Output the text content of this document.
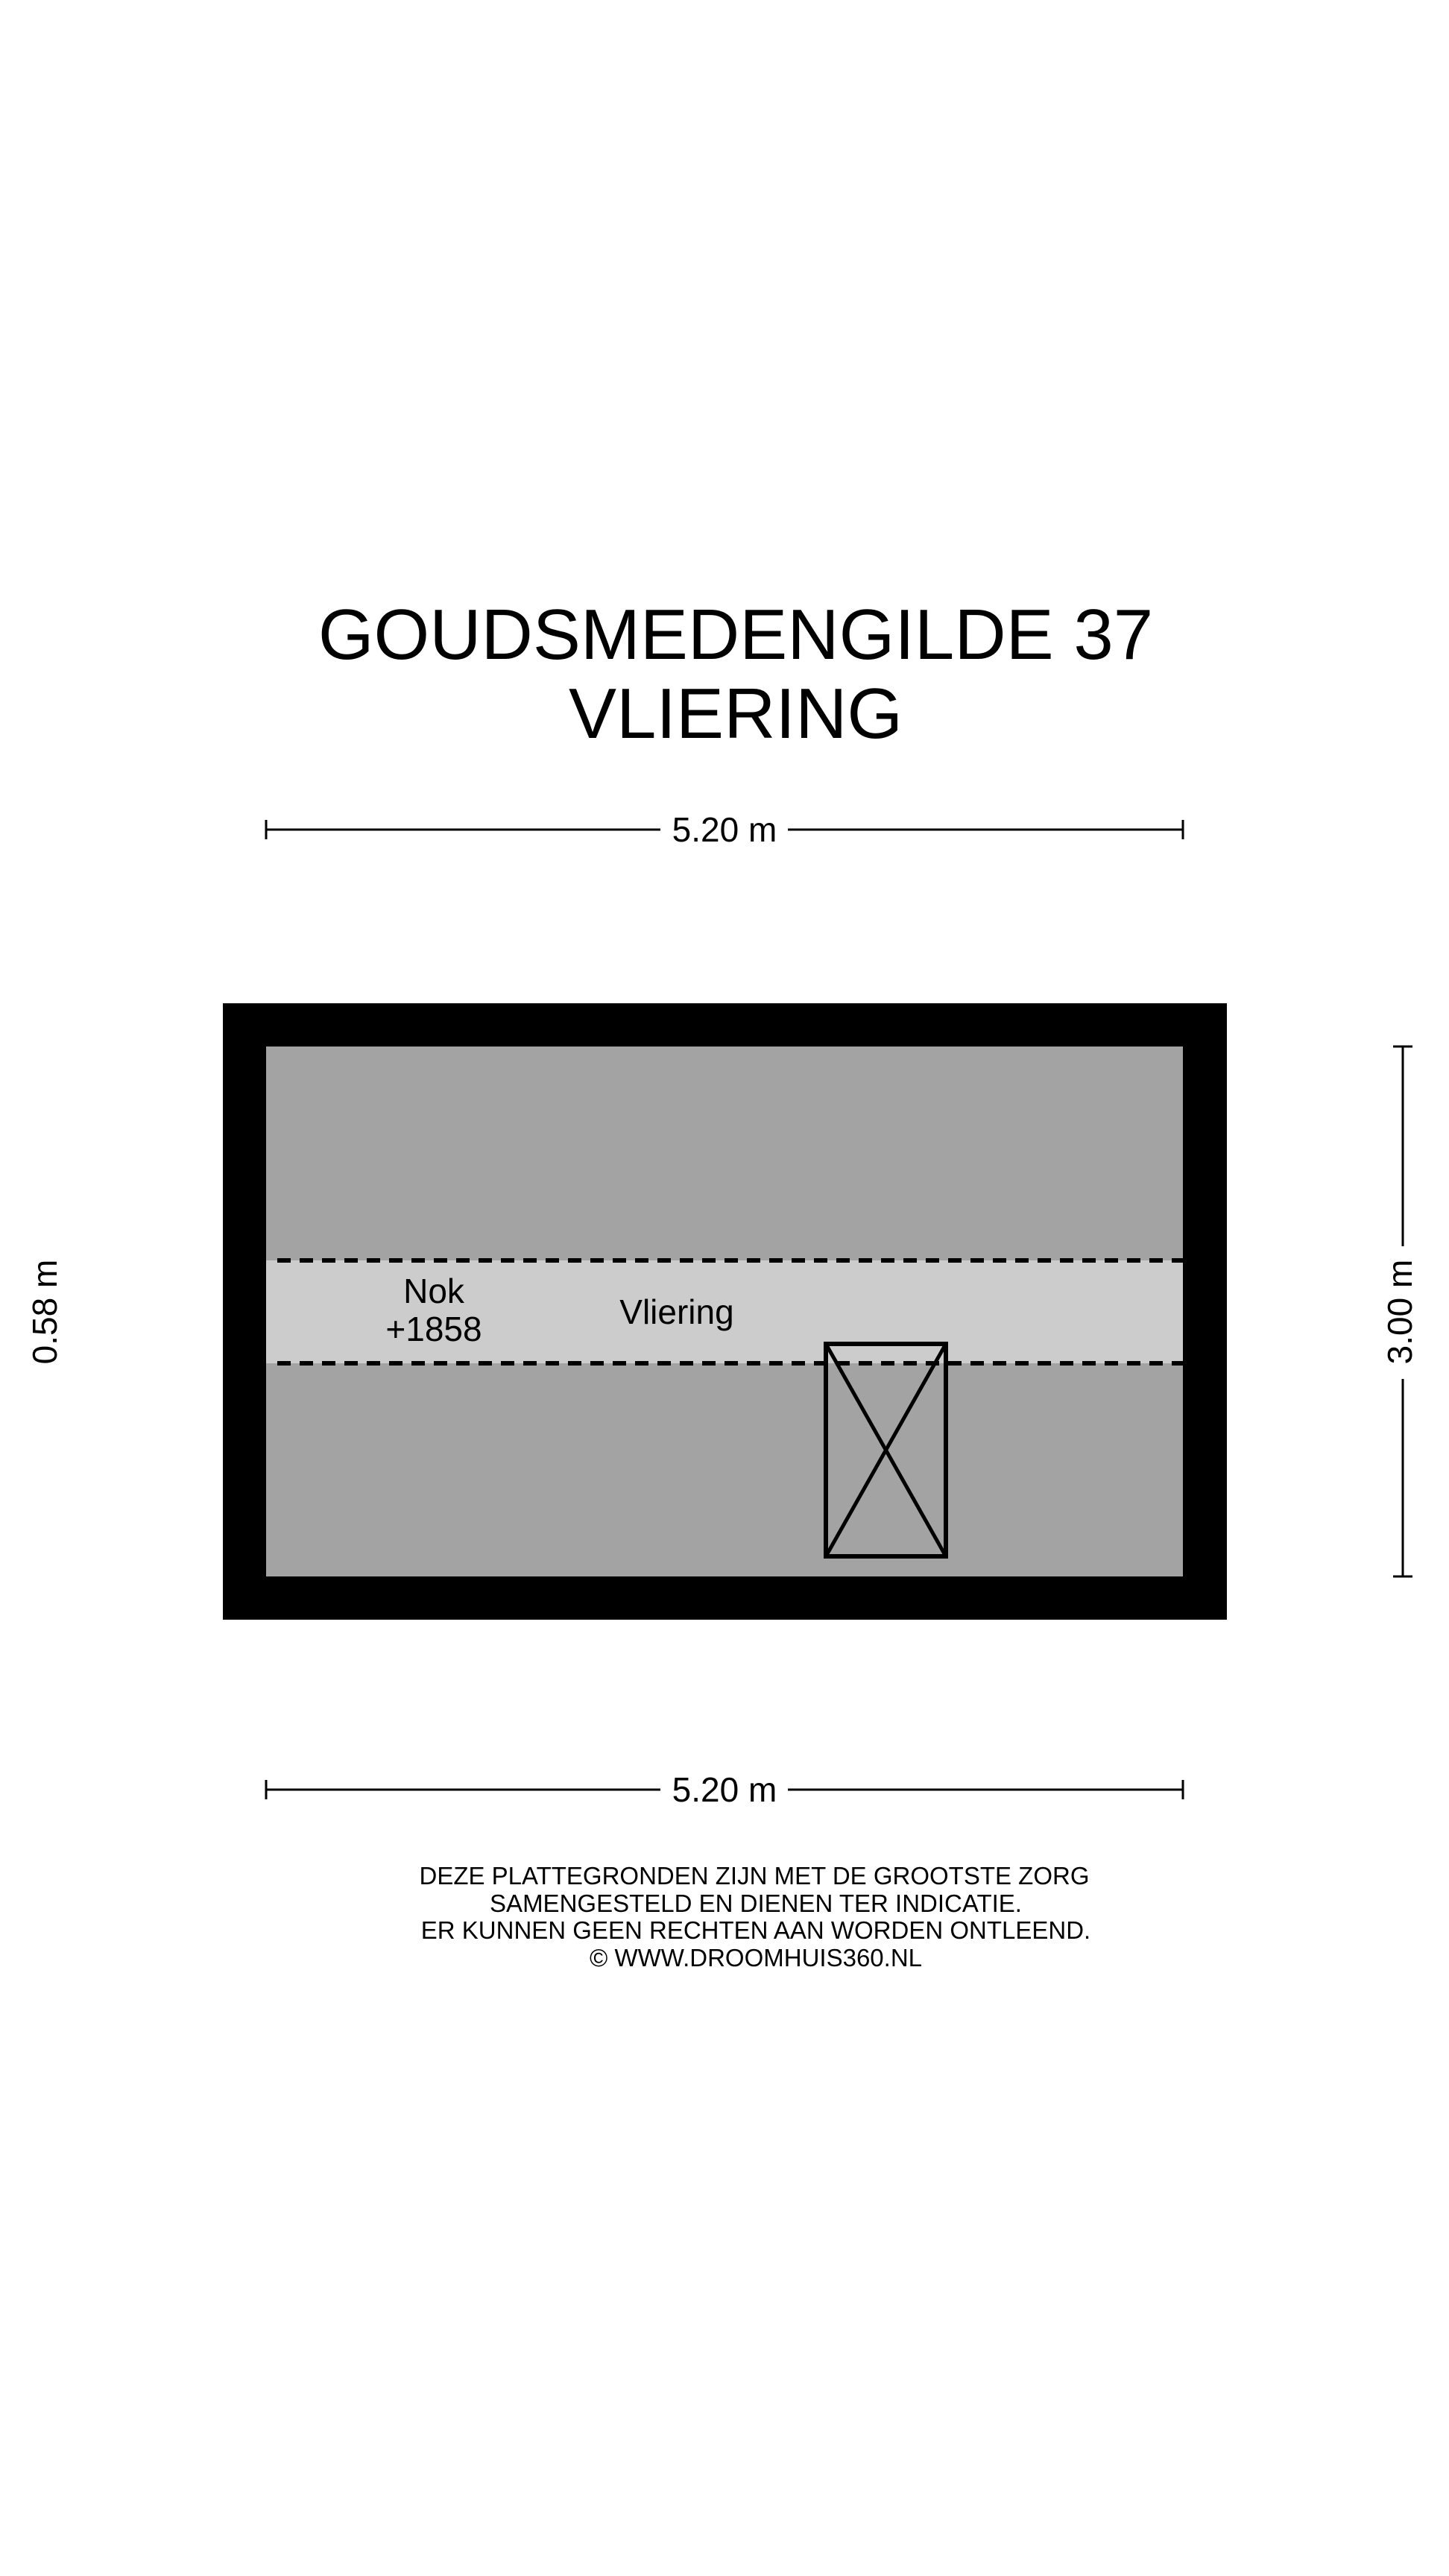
GOUDSMEDENGILDE 37
VLIERING
5.20 m
Nok
+1858	Vliering	3.00 m
0.58 m
5.20 m
DEZE PLATTEGRONDEN ZIJN MET DE GROOTSTE ZORG
SAMENGESTELD EN DIENEN TER INDICATIE.
ER KUNNEN GEEN RECHTEN AAN WORDEN ONTLEEND.
© WWW.DROOMHUIS360.NL
